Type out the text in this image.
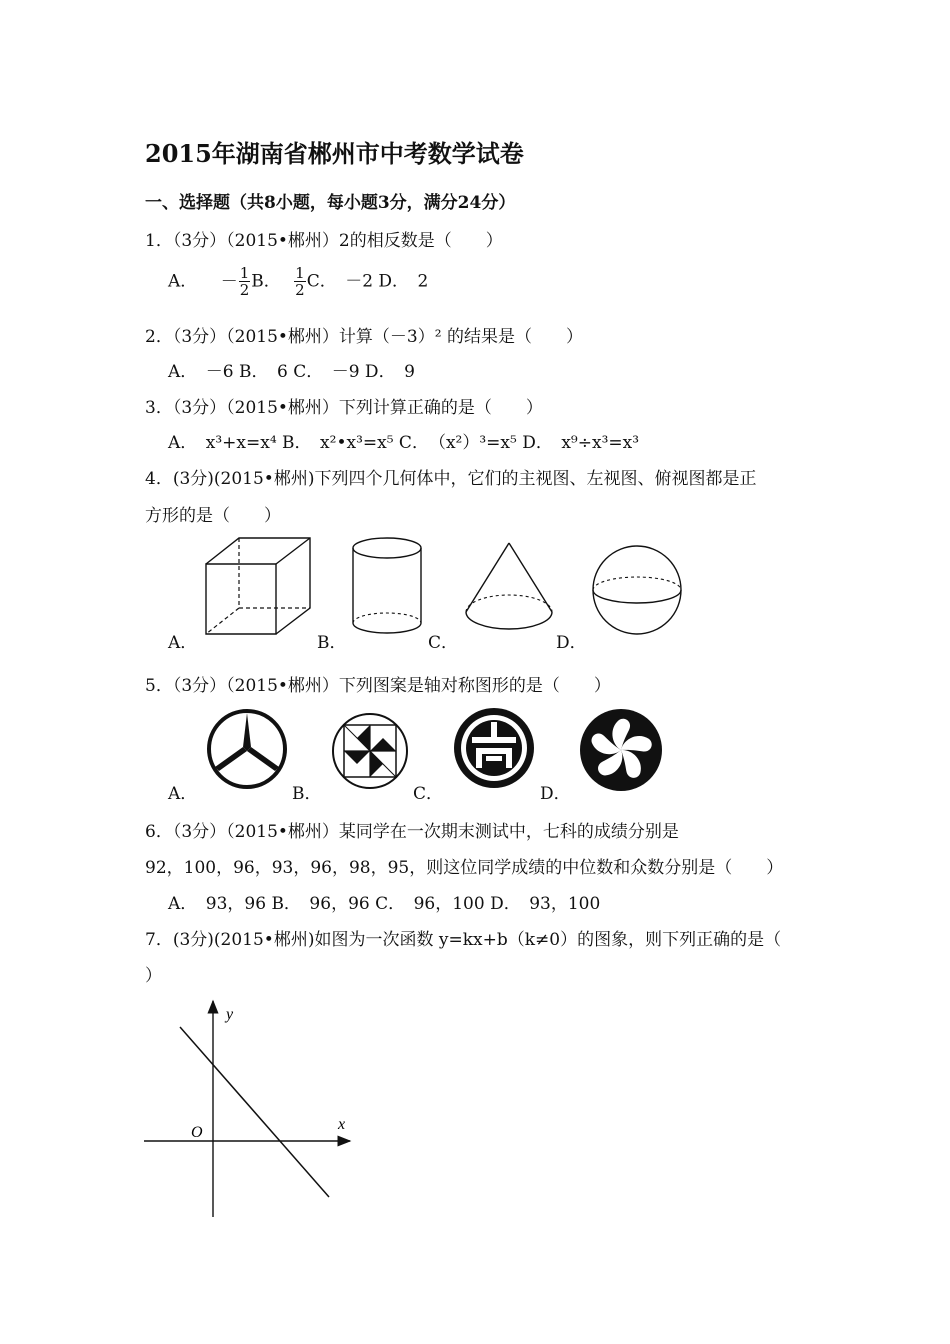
2015年湖南省郴州市中考数学试卷
一、选择题（共8小题，每小题3分，满分24分）
1．（3分）（2015•郴州）2的相反数是（　　）
A． － $\frac{1}{2}$ B． $\frac{1}{2}$ C．　－2 D．　2
2．（3分）（2015•郴州）计算（－3）² 的结果是（　　）
A．　－6 B．　6 C．　－9 D．　9
3．（3分）（2015•郴州）下列计算正确的是（　　）
A．　x³+x=x⁴ B．　x²•x³=x⁵ C．　（x²）³=x⁵ D．　x⁹÷x³=x³
4．(3分)(2015•郴州)下列四个几何体中，它们的主视图、左视图、俯视图都是正
方形的是（　　）
A．	B．	C．	D．
5．（3分）（2015•郴州）下列图案是轴对称图形的是（　　）
A．	B．	C．	D．
6．（3分）（2015•郴州）某同学在一次期末测试中，七科的成绩分别是
92，100，96，93，96，98，95，则这位同学成绩的中位数和众数分别是（　　）
A．　93，96 B．　96，96 C．　96，100 D．　93，100
7．(3分)(2015•郴州)如图为一次函数 y=kx+b（k≠0）的图象，则下列正确的是（
）
y
x
O
